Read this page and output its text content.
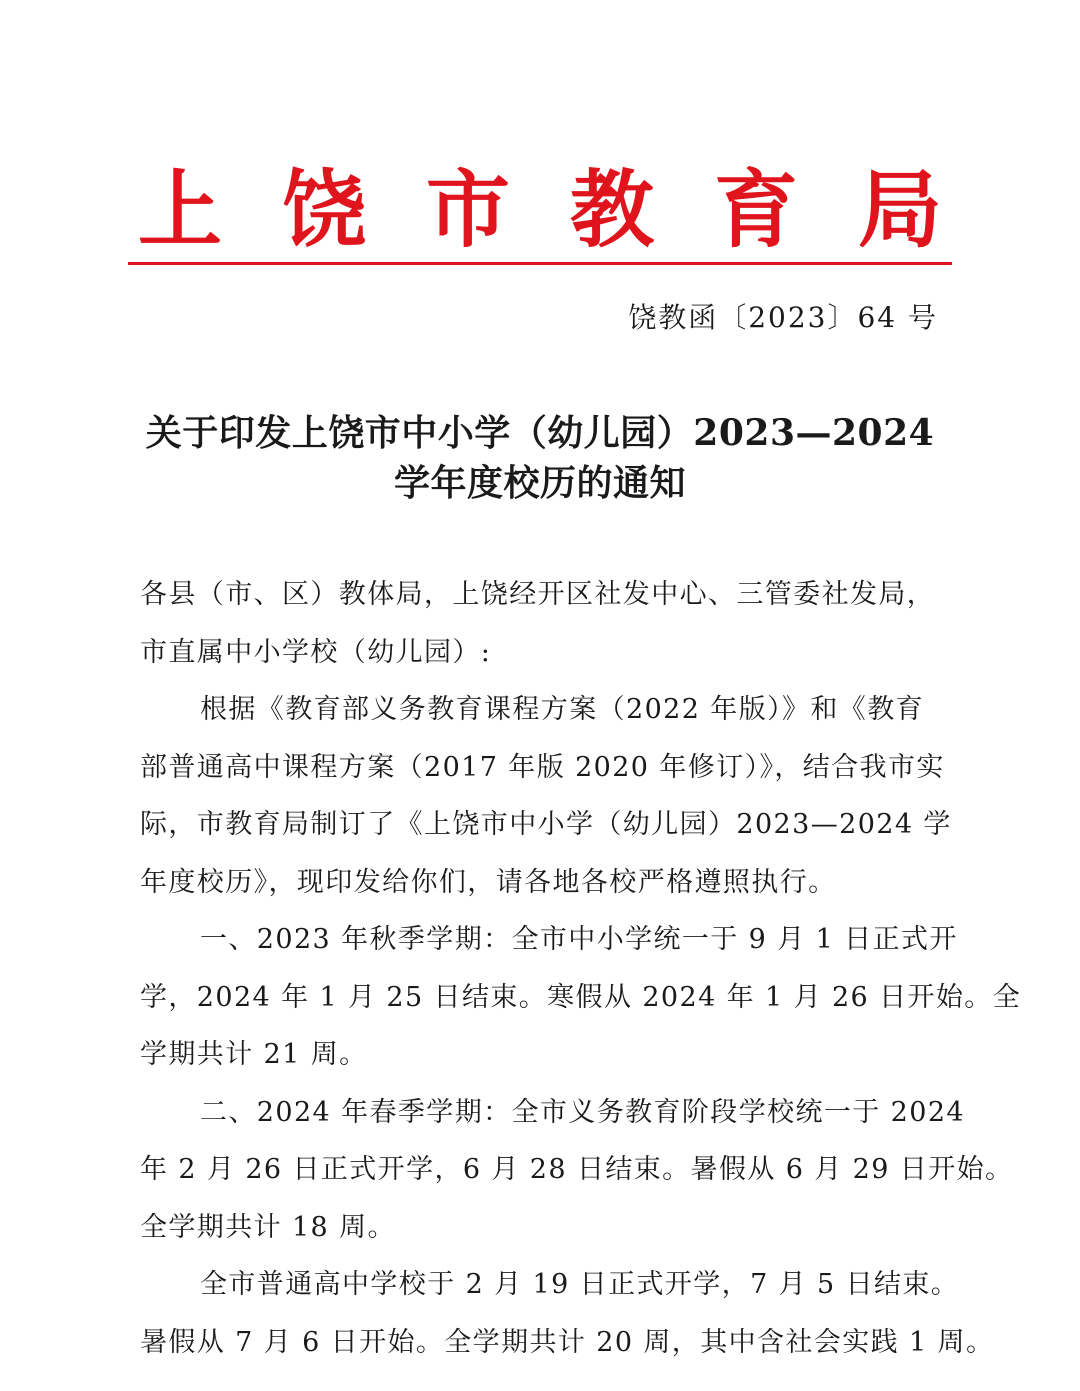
上 饶 市 教 育 局
饶教函〔2023〕64 号
关于印发上饶市中小学（幼儿园）2023—2024
学年度校历的通知
各县（市、区）教体局，上饶经开区社发中心、三管委社发局，
市直属中小学校（幼儿园）:
根据《教育部义务教育课程方案（2022 年版）》和《教育
部普通高中课程方案（2017 年版 2020 年修订）》，结合我市实
际，市教育局制订了《上饶市中小学（幼儿园）2023—2024 学
年度校历》，现印发给你们，请各地各校严格遵照执行。
一、2023 年秋季学期：全市中小学统一于 9 月 1 日正式开
学，2024 年 1 月 25 日结束。寒假从 2024 年 1 月 26 日开始。全
学期共计 21 周。
二、2024 年春季学期：全市义务教育阶段学校统一于 2024
年 2 月 26 日正式开学，6 月 28 日结束。暑假从 6 月 29 日开始。
全学期共计 18 周。
全市普通高中学校于 2 月 19 日正式开学，7 月 5 日结束。
暑假从 7 月 6 日开始。全学期共计 20 周，其中含社会实践 1 周。
